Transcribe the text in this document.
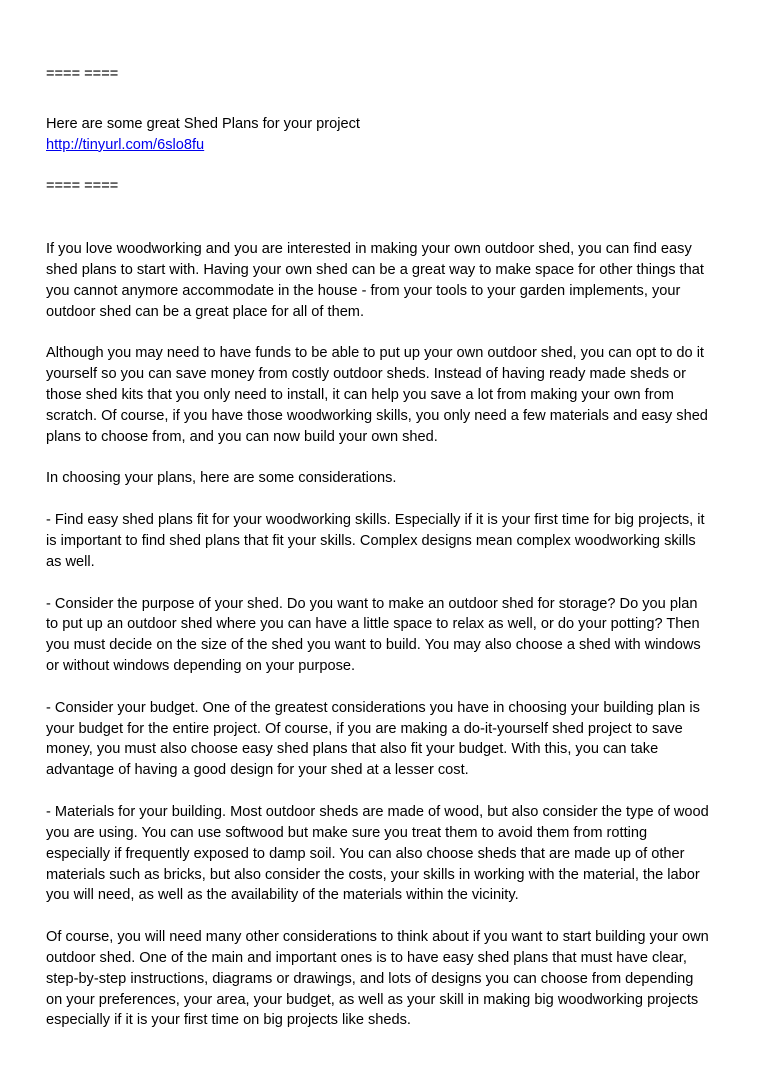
==== ====

Here are some great Shed Plans for your project

http://tinyurl.com/6slo8fu

==== ====

If you love woodworking and you are interested in making your own outdoor shed, you can find easy shed plans to start with. Having your own shed can be a great way to make space for other things that you cannot anymore accommodate in the house - from your tools to your garden implements, your outdoor shed can be a great place for all of them.

Although you may need to have funds to be able to put up your own outdoor shed, you can opt to do it yourself so you can save money from costly outdoor sheds. Instead of having ready made sheds or those shed kits that you only need to install, it can help you save a lot from making your own from scratch. Of course, if you have those woodworking skills, you only need a few materials and easy shed plans to choose from, and you can now build your own shed.

In choosing your plans, here are some considerations.

- Find easy shed plans fit for your woodworking skills. Especially if it is your first time for big projects, it is important to find shed plans that fit your skills. Complex designs mean complex woodworking skills as well.

- Consider the purpose of your shed. Do you want to make an outdoor shed for storage? Do you plan to put up an outdoor shed where you can have a little space to relax as well, or do your potting? Then you must decide on the size of the shed you want to build. You may also choose a shed with windows or without windows depending on your purpose.

- Consider your budget. One of the greatest considerations you have in choosing your building plan is your budget for the entire project. Of course, if you are making a do-it-yourself shed project to save money, you must also choose easy shed plans that also fit your budget. With this, you can take advantage of having a good design for your shed at a lesser cost.

- Materials for your building. Most outdoor sheds are made of wood, but also consider the type of wood you are using. You can use softwood but make sure you treat them to avoid them from rotting especially if frequently exposed to damp soil. You can also choose sheds that are made up of other materials such as bricks, but also consider the costs, your skills in working with the material, the labor you will need, as well as the availability of the materials within the vicinity.

Of course, you will need many other considerations to think about if you want to start building your own outdoor shed. One of the main and important ones is to have easy shed plans that must have clear, step-by-step instructions, diagrams or drawings, and lots of designs you can choose from depending on your preferences, your area, your budget, as well as your skill in making big woodworking projects especially if it is your first time on big projects like sheds.
